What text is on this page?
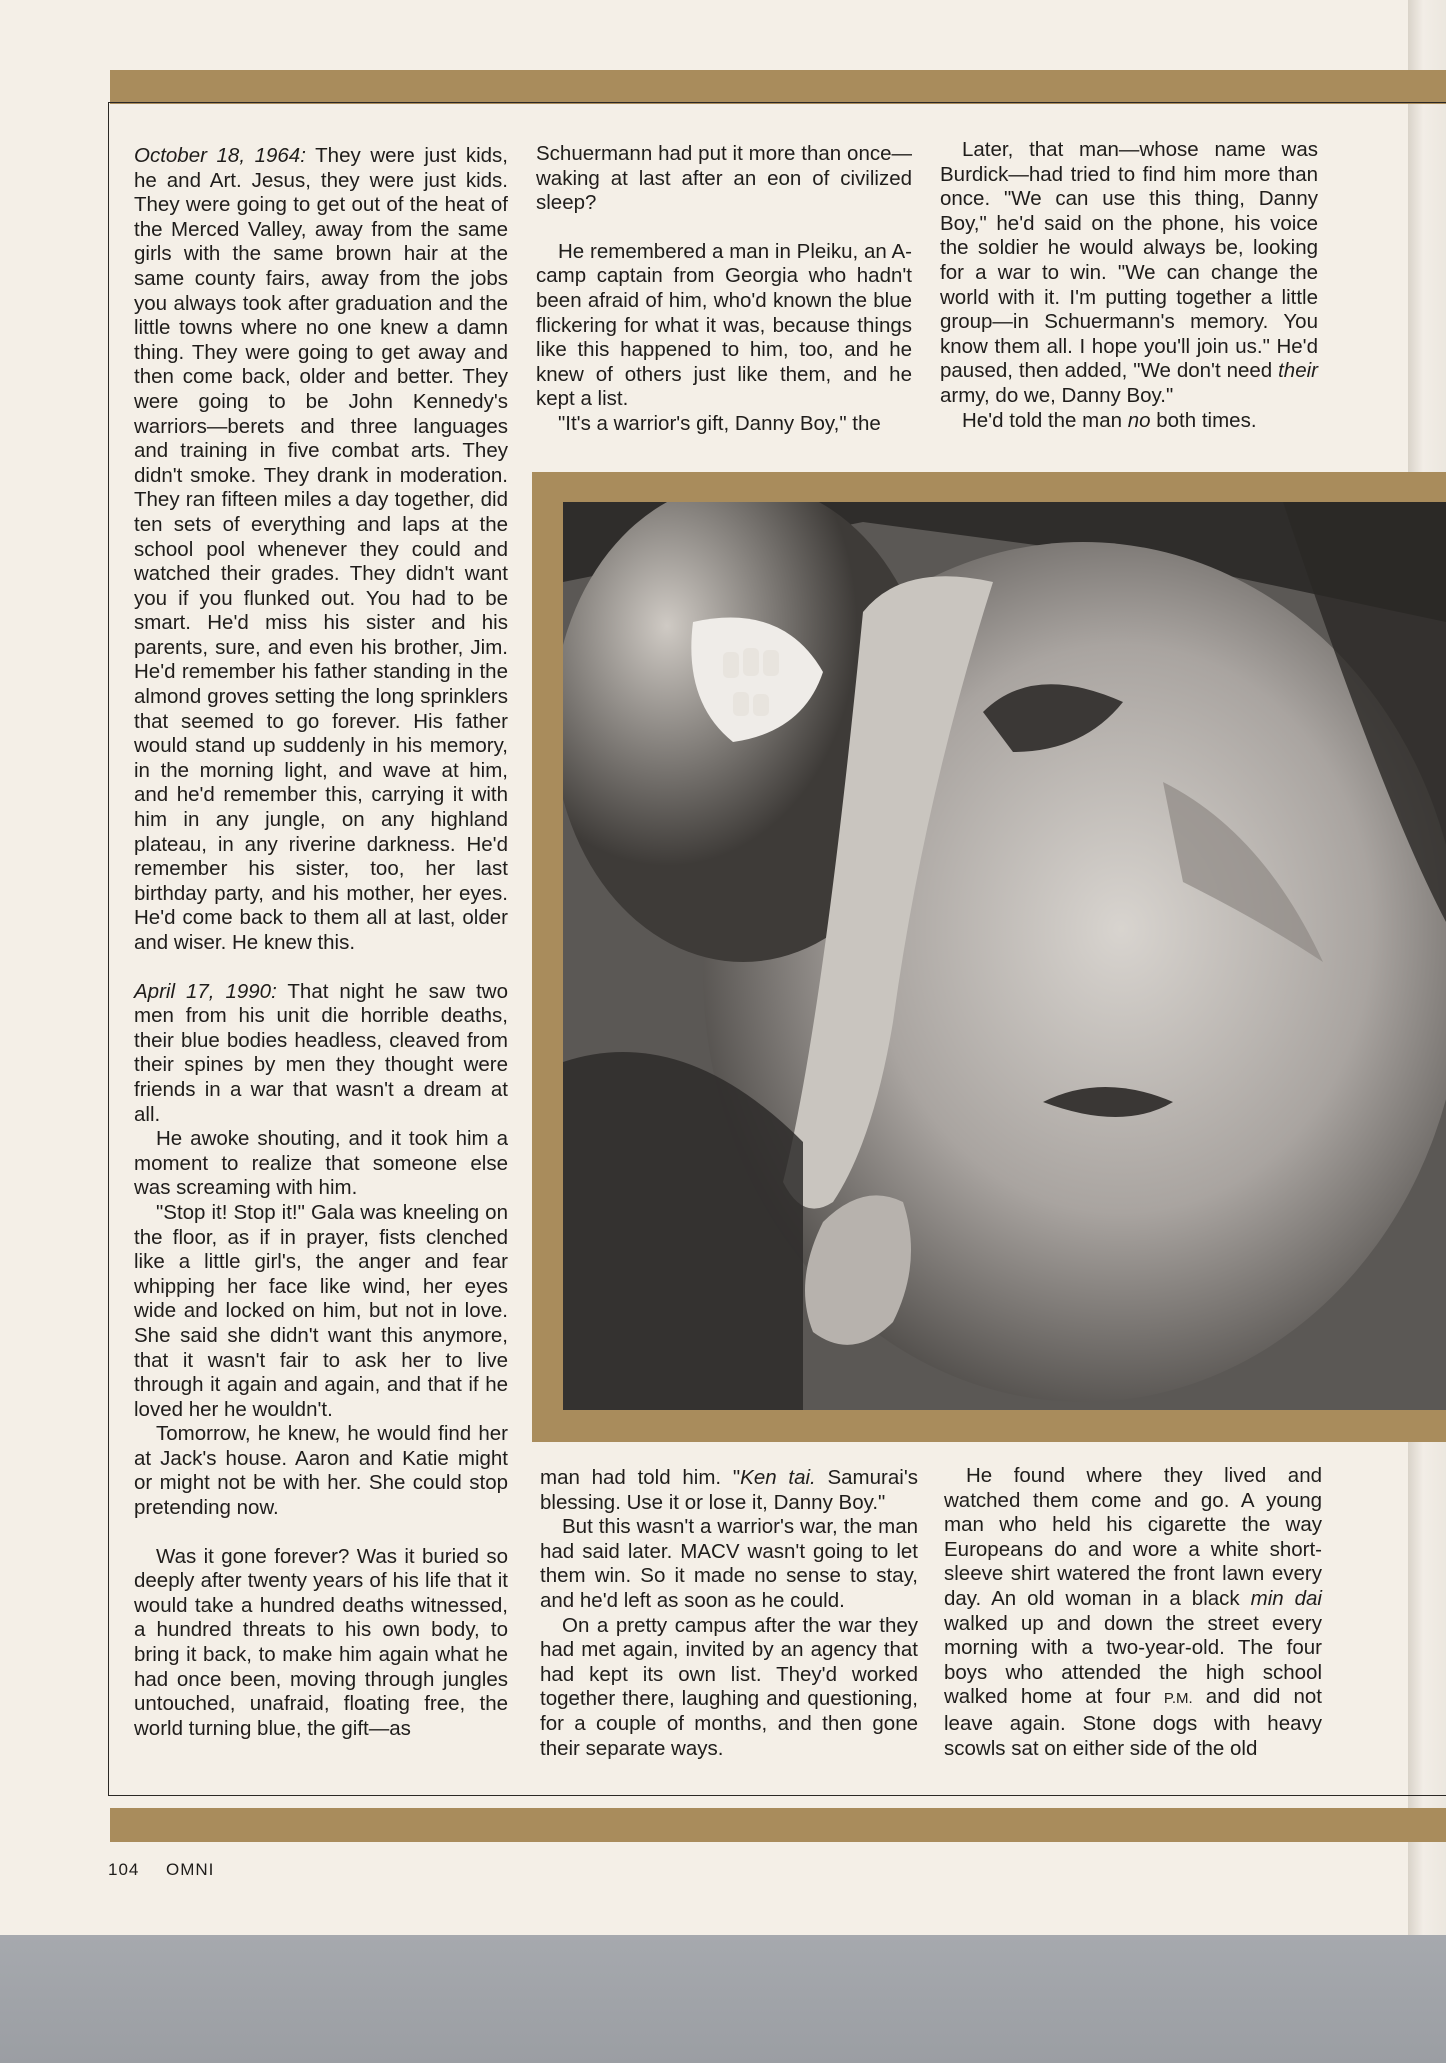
October 18, 1964: They were just kids, he and Art. Jesus, they were just kids. They were going to get out of the heat of the Merced Valley, away from the same girls with the same brown hair at the same county fairs, away from the jobs you always took after graduation and the little towns where no one knew a damn thing. They were going to get away and then come back, older and better. They were going to be John Kennedy's warriors—berets and three languages and training in five combat arts. They didn't smoke. They drank in moderation. They ran fifteen miles a day together, did ten sets of everything and laps at the school pool whenever they could and watched their grades. They didn't want you if you flunked out. You had to be smart. He'd miss his sister and his parents, sure, and even his brother, Jim. He'd remember his father standing in the almond groves setting the long sprinklers that seemed to go forever. His father would stand up suddenly in his memory, in the morning light, and wave at him, and he'd remember this, carrying it with him in any jungle, on any highland plateau, in any riverine darkness. He'd remember his sister, too, her last birthday party, and his mother, her eyes. He'd come back to them all at last, older and wiser. He knew this.

April 17, 1990: That night he saw two men from his unit die horrible deaths, their blue bodies headless, cleaved from their spines by men they thought were friends in a war that wasn't a dream at all.

He awoke shouting, and it took him a moment to realize that someone else was screaming with him.

"Stop it! Stop it!" Gala was kneeling on the floor, as if in prayer, fists clenched like a little girl's, the anger and fear whipping her face like wind, her eyes wide and locked on him, but not in love. She said she didn't want this anymore, that it wasn't fair to ask her to live through it again and again, and that if he loved her he wouldn't.

Tomorrow, he knew, he would find her at Jack's house. Aaron and Katie might or might not be with her. She could stop pretending now.

Was it gone forever? Was it buried so deeply after twenty years of his life that it would take a hundred deaths witnessed, a hundred threats to his own body, to bring it back, to make him again what he had once been, moving through jungles untouched, unafraid, floating free, the world turning blue, the gift—as

Schuermann had put it more than once—waking at last after an eon of civilized sleep?

He remembered a man in Pleiku, an A-camp captain from Georgia who hadn't been afraid of him, who'd known the blue flickering for what it was, because things like this happened to him, too, and he knew of others just like them, and he kept a list.

"It's a warrior's gift, Danny Boy," the

Later, that man—whose name was Burdick—had tried to find him more than once. "We can use this thing, Danny Boy," he'd said on the phone, his voice the soldier he would always be, looking for a war to win. "We can change the world with it. I'm putting together a little group—in Schuermann's memory. You know them all. I hope you'll join us." He'd paused, then added, "We don't need their army, do we, Danny Boy."

He'd told the man no both times.

man had told him. "Ken tai. Samurai's blessing. Use it or lose it, Danny Boy."

But this wasn't a warrior's war, the man had said later. MACV wasn't going to let them win. So it made no sense to stay, and he'd left as soon as he could.

On a pretty campus after the war they had met again, invited by an agency that had kept its own list. They'd worked together there, laughing and questioning, for a couple of months, and then gone their separate ways.

He found where they lived and watched them come and go. A young man who held his cigarette the way Europeans do and wore a white short-sleeve shirt watered the front lawn every day. An old woman in a black min dai walked up and down the street every morning with a two-year-old. The four boys who attended the high school walked home at four P.M. and did not leave again. Stone dogs with heavy scowls sat on either side of the old

104 OMNI
